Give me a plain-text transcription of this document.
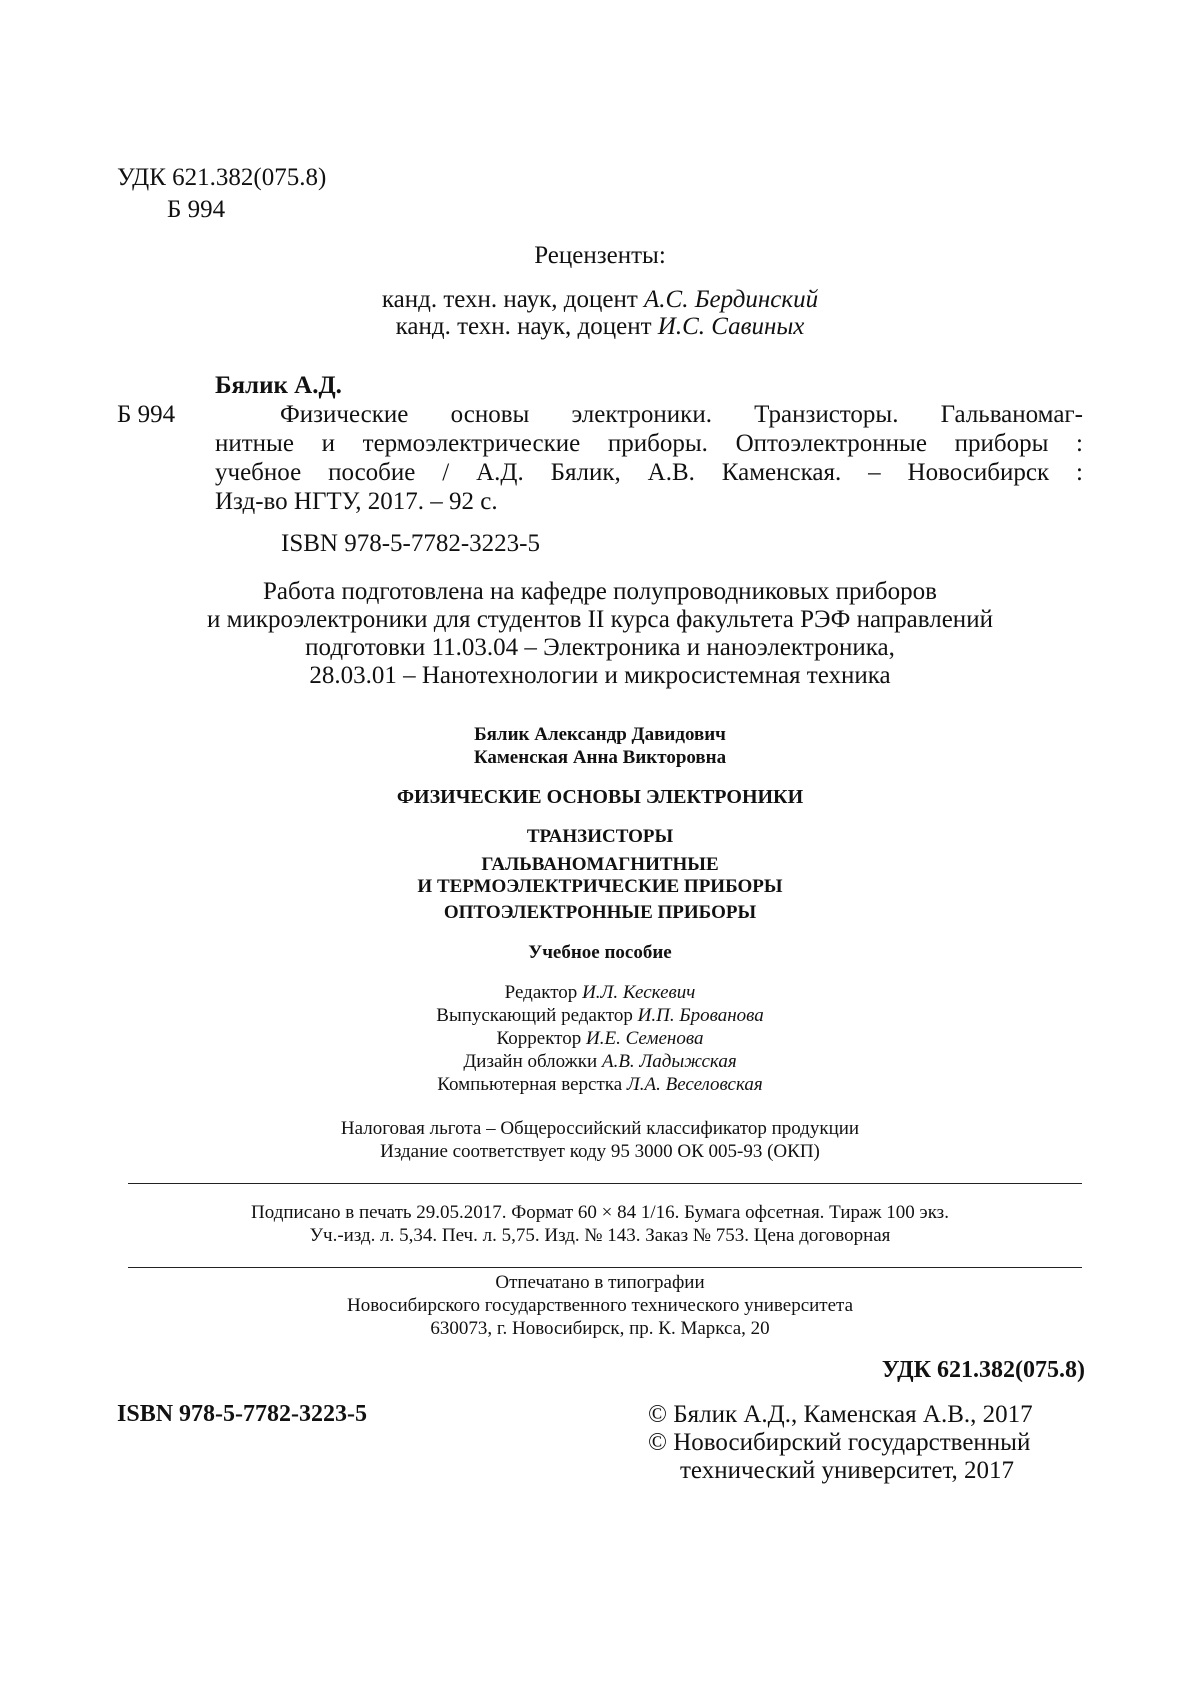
УДК 621.382(075.8)
Б 994
Рецензенты:
канд. техн. наук, доцент А.С. Бердинский
канд. техн. наук, доцент И.С. Савиных
Бялик А.Д.
Б 994	Физические основы электроники. Транзисторы. Гальваномаг-
нитные и термоэлектрические приборы. Оптоэлектронные приборы :
учебное пособие / А.Д. Бялик, А.В. Каменская. – Новосибирск :
Изд-во НГТУ, 2017. – 92 с.
ISBN 978-5-7782-3223-5
Работа подготовлена на кафедре полупроводниковых приборов
и микроэлектроники для студентов II курса факультета РЭФ направлений
подготовки 11.03.04 – Электроника и наноэлектроника,
28.03.01 – Нанотехнологии и микросистемная техника
Бялик Александр Давидович
Каменская Анна Викторовна
ФИЗИЧЕСКИЕ ОСНОВЫ ЭЛЕКТРОНИКИ
ТРАНЗИСТОРЫ
ГАЛЬВАНОМАГНИТНЫЕ
И ТЕРМОЭЛЕКТРИЧЕСКИЕ ПРИБОРЫ
ОПТОЭЛЕКТРОННЫЕ ПРИБОРЫ
Учебное пособие
Редактор И.Л. Кескевич
Выпускающий редактор И.П. Брованова
Корректор И.Е. Семенова
Дизайн обложки А.В. Ладыжская
Компьютерная верстка Л.А. Веселовская
Налоговая льгота – Общероссийский классификатор продукции
Издание соответствует коду 95 3000 ОК 005-93 (ОКП)
Подписано в печать 29.05.2017. Формат 60 × 84 1/16. Бумага офсетная. Тираж 100 экз.
Уч.-изд. л. 5,34. Печ. л. 5,75. Изд. № 143. Заказ № 753. Цена договорная
Отпечатано в типографии
Новосибирского государственного технического университета
630073, г. Новосибирск, пр. К. Маркса, 20
УДК 621.382(075.8)
ISBN 978-5-7782-3223-5	© Бялик А.Д., Каменская А.В., 2017
© Новосибирский государственный
технический университет, 2017
